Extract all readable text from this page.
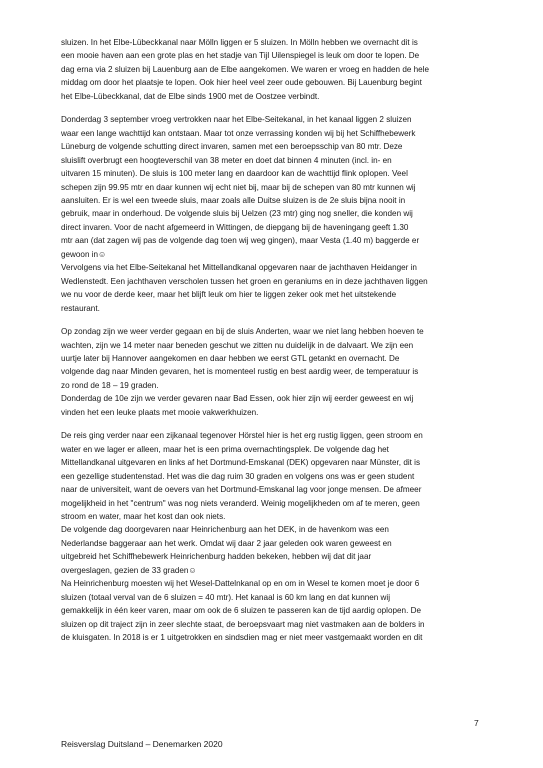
sluizen. In het Elbe-Lübeckkanal naar Mölln liggen er 5 sluizen. In Mölln hebben we overnacht dit is
een mooie haven aan een grote plas en het stadje van Tijl Uilenspiegel is leuk om door te lopen. De
dag erna via 2 sluizen bij Lauenburg aan de Elbe aangekomen. We waren er vroeg en hadden de hele
middag om door het plaatsje te lopen. Ook hier heel veel zeer oude gebouwen. Bij Lauenburg begint
het Elbe-Lübeckkanal, dat de Elbe sinds 1900 met de Oostzee verbindt.

Donderdag 3 september vroeg vertrokken naar het Elbe-Seitekanal, in het kanaal liggen 2 sluizen
waar een lange wachttijd kan ontstaan. Maar tot onze verrassing konden wij bij het Schiffhebewerk
Lüneburg de volgende schutting direct invaren, samen met een beroepsschip van 80 mtr. Deze
sluislift overbrugt een hoogteverschil van 38 meter en doet dat binnen 4 minuten (incl. in- en
uitvaren 15 minuten). De sluis is 100 meter lang en daardoor kan de wachttijd flink oplopen. Veel
schepen zijn 99.95 mtr en daar kunnen wij echt niet bij, maar bij de schepen van 80 mtr kunnen wij
aansluiten. Er is wel een tweede sluis, maar zoals alle Duitse sluizen is de 2e sluis bijna nooit in
gebruik, maar in onderhoud. De volgende sluis bij Uelzen (23 mtr) ging nog sneller, die konden wij
direct invaren. Voor de nacht afgemeerd in Wittingen, de diepgang bij de haveningang geeft 1.30
mtr aan (dat zagen wij pas de volgende dag toen wij weg gingen), maar Vesta (1.40 m) baggerde er
gewoon in☺
Vervolgens via het Elbe-Seitekanal het Mittellandkanal opgevaren naar de jachthaven Heidanger in
Wedlenstedt. Een jachthaven verscholen tussen het groen en geraniums en in deze jachthaven liggen
we nu voor de derde keer, maar het blijft leuk om hier te liggen zeker ook met het uitstekende
restaurant.

Op zondag zijn we weer verder gegaan en bij de sluis Anderten, waar we niet lang hebben hoeven te
wachten, zijn we 14 meter naar beneden geschut we zitten nu duidelijk in de dalvaart. We zijn een
uurtje later bij Hannover aangekomen en daar hebben we eerst GTL getankt en overnacht. De
volgende dag naar Minden gevaren, het is momenteel rustig en best aardig weer, de temperatuur is
zo rond de 18 – 19 graden.
Donderdag de 10e zijn we verder gevaren naar Bad Essen, ook hier zijn wij eerder geweest en wij
vinden het een leuke plaats met mooie vakwerkhuizen.

De reis ging verder naar een zijkanaal tegenover Hörstel hier is het erg rustig liggen, geen stroom en
water en we lager er alleen, maar het is een prima overnachtingsplek. De volgende dag het
Mittellandkanal uitgevaren en links af het Dortmund-Emskanal (DEK) opgevaren naar Münster, dit is
een gezellige studentenstad. Het was die dag ruim 30 graden en volgens ons was er geen student
naar de universiteit, want de oevers van het Dortmund-Emskanal lag voor jonge mensen. De afmeer
mogelijkheid in het "centrum" was nog niets veranderd. Weinig mogelijkheden om af te meren, geen
stroom en water, maar het kost dan ook niets.
De volgende dag doorgevaren naar Heinrichenburg aan het DEK, in de havenkom was een
Nederlandse baggeraar aan het werk. Omdat wij daar 2 jaar geleden ook waren geweest en
uitgebreid het Schiffhebewerk Heinrichenburg hadden bekeken, hebben wij dat dit jaar
overgeslagen, gezien de 33 graden☺
Na Heinrichenburg moesten wij het Wesel-Dattelnkanal op en om in Wesel te komen moet je door 6
sluizen (totaal verval van de 6 sluizen = 40 mtr). Het kanaal is 60 km lang en dat kunnen wij
gemakkelijk in één keer varen, maar om ook de 6 sluizen te passeren kan de tijd aardig oplopen. De
sluizen op dit traject zijn in zeer slechte staat, de beroepsvaart mag niet vastmaken aan de bolders in
de kluisgaten. In 2018 is er 1 uitgetrokken en sindsdien mag er niet meer vastgemaakt worden en dit

7
Reisverslag Duitsland – Denemarken 2020
